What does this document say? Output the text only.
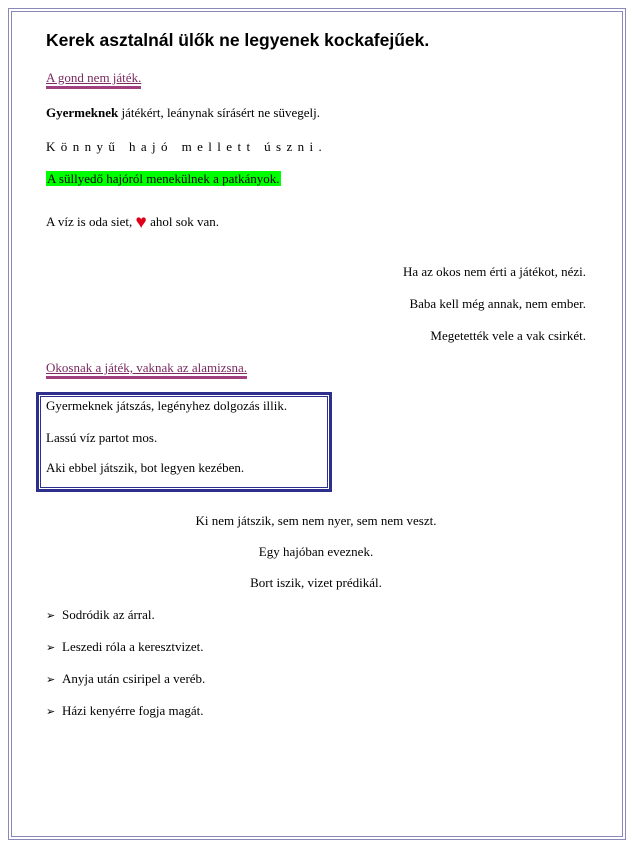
Kerek asztalnál ülők ne legyenek kockafejűek.
A gond nem játék.
Gyermeknek játékért, leánynak sírásért ne süvegelj.
Könnyű hajó mellett úszni.
A süllyedő hajóról menekülnek a patkányok.
A víz is oda siet, ♥ ahol sok van.
Ha az okos nem érti a játékot, nézi.
Baba kell még annak, nem ember.
Megetették vele a vak csirkét.
Okosnak a játék, vaknak az alamizsna.
Gyermeknek játszás, legényhez dolgozás illik.
Lassú víz partot mos.
Aki ebbel játszik, bot legyen kezében.
Ki nem játszik, sem nem nyer, sem nem veszt.
Egy hajóban eveznek.
Bort iszik, vizet prédikál.
➢ Sodródik az árral.
➢ Leszedi róla a keresztvizet.
➢ Anyja után csiripel a veréb.
➢ Házi kenyérre fogja magát.
